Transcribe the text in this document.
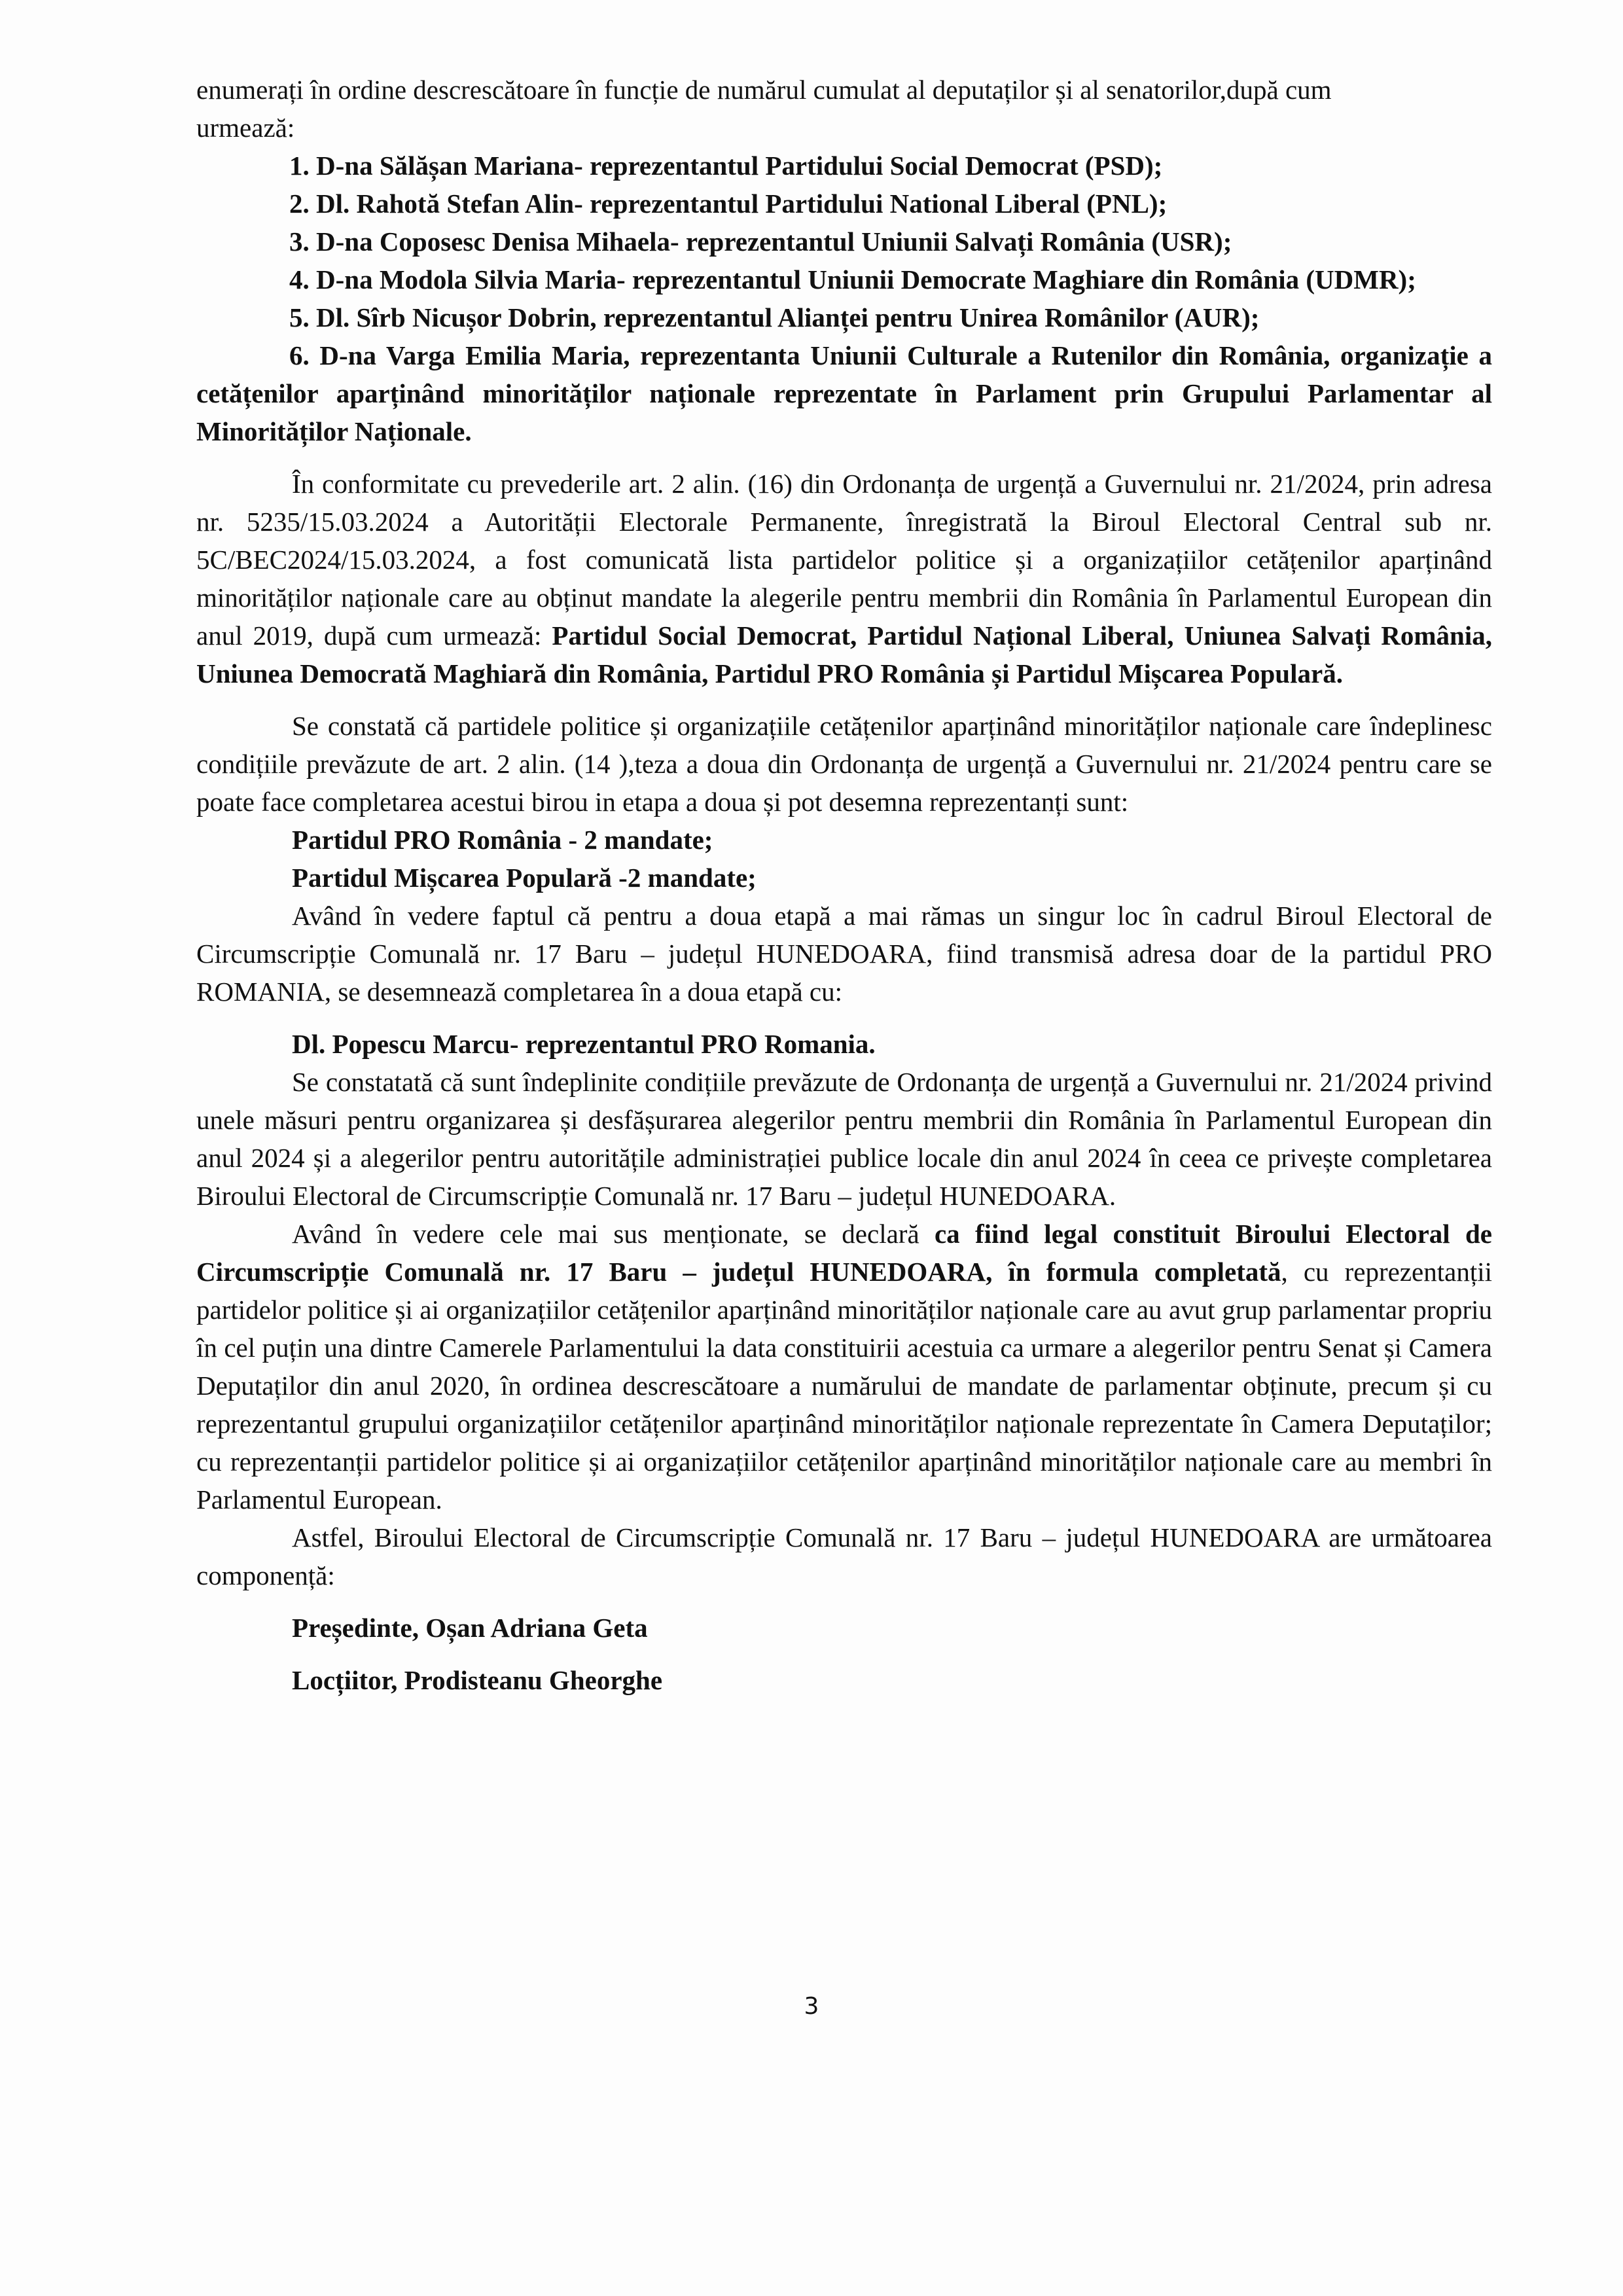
enumerați în ordine descrescătoare în funcție de numărul cumulat al deputaților și al senatorilor,după cum

urmează:

1. D-na Sălășan Mariana- reprezentantul Partidului Social Democrat (PSD);

2. Dl. Rahotă Stefan Alin- reprezentantul Partidului National Liberal (PNL);

3. D-na Coposesc Denisa Mihaela- reprezentantul Uniunii Salvați România (USR);

4. D-na Modola Silvia Maria- reprezentantul Uniunii Democrate Maghiare din România (UDMR);

5. Dl. Sîrb Nicușor Dobrin, reprezentantul Alianței pentru Unirea Românilor (AUR);

6. D-na Varga Emilia Maria, reprezentanta Uniunii Culturale a Rutenilor din România, organizație a cetățenilor aparținând minorităților naționale reprezentate în Parlament prin Grupului Parlamentar al Minorităților Naționale.

În conformitate cu prevederile art. 2 alin. (16) din Ordonanța de urgență a Guvernului nr. 21/2024, prin adresa nr. 5235/15.03.2024 a Autorității Electorale Permanente, înregistrată la Biroul Electoral Central sub nr. 5C/BEC2024/15.03.2024, a fost comunicată lista partidelor politice și a organizațiilor cetățenilor aparținând minorităților naționale care au obținut mandate la alegerile pentru membrii din România în Parlamentul European din anul 2019, după cum urmează: Partidul Social Democrat, Partidul Național Liberal, Uniunea Salvați România, Uniunea Democrată Maghiară din România, Partidul PRO România și Partidul Mișcarea Populară.

Se constată că partidele politice și organizațiile cetățenilor aparținând minorităților naționale care îndeplinesc condițiile prevăzute de art. 2 alin. (14 ),teza a doua din Ordonanța de urgență a Guvernului nr. 21/2024 pentru care se poate face completarea acestui birou in etapa a doua și pot desemna reprezentanți sunt:

Partidul PRO România - 2 mandate;

Partidul Mișcarea Populară -2 mandate;

Având în vedere faptul că pentru a doua etapă a mai rămas un singur loc în cadrul Biroul Electoral de Circumscripție Comunală nr. 17 Baru – județul HUNEDOARA, fiind transmisă adresa doar de la partidul PRO ROMANIA, se desemnează completarea în a doua etapă cu:

Dl. Popescu Marcu- reprezentantul PRO Romania.

Se constatată că sunt îndeplinite condițiile prevăzute de Ordonanța de urgență a Guvernului nr. 21/2024 privind unele măsuri pentru organizarea și desfășurarea alegerilor pentru membrii din România în Parlamentul European din anul 2024 și a alegerilor pentru autoritățile administrației publice locale din anul 2024 în ceea ce privește completarea Biroului Electoral de Circumscripție Comunală nr. 17 Baru – județul HUNEDOARA.

Având în vedere cele mai sus menționate, se declară ca fiind legal constituit Biroului Electoral de Circumscripție Comunală nr. 17 Baru – județul HUNEDOARA, în formula completată, cu reprezentanții partidelor politice și ai organizațiilor cetățenilor aparținând minorităților naționale care au avut grup parlamentar propriu în cel puțin una dintre Camerele Parlamentului la data constituirii acestuia ca urmare a alegerilor pentru Senat și Camera Deputaților din anul 2020, în ordinea descrescătoare a numărului de mandate de parlamentar obținute, precum și cu reprezentantul grupului organizațiilor cetățenilor aparținând minorităților naționale reprezentate în Camera Deputaților; cu reprezentanții partidelor politice și ai organizațiilor cetățenilor aparținând minorităților naționale care au membri în Parlamentul European.

Astfel, Biroului Electoral de Circumscripție Comunală nr. 17 Baru – județul HUNEDOARA are următoarea componență:

Președinte, Oșan Adriana Geta

Locțiitor, Prodisteanu Gheorghe

3
